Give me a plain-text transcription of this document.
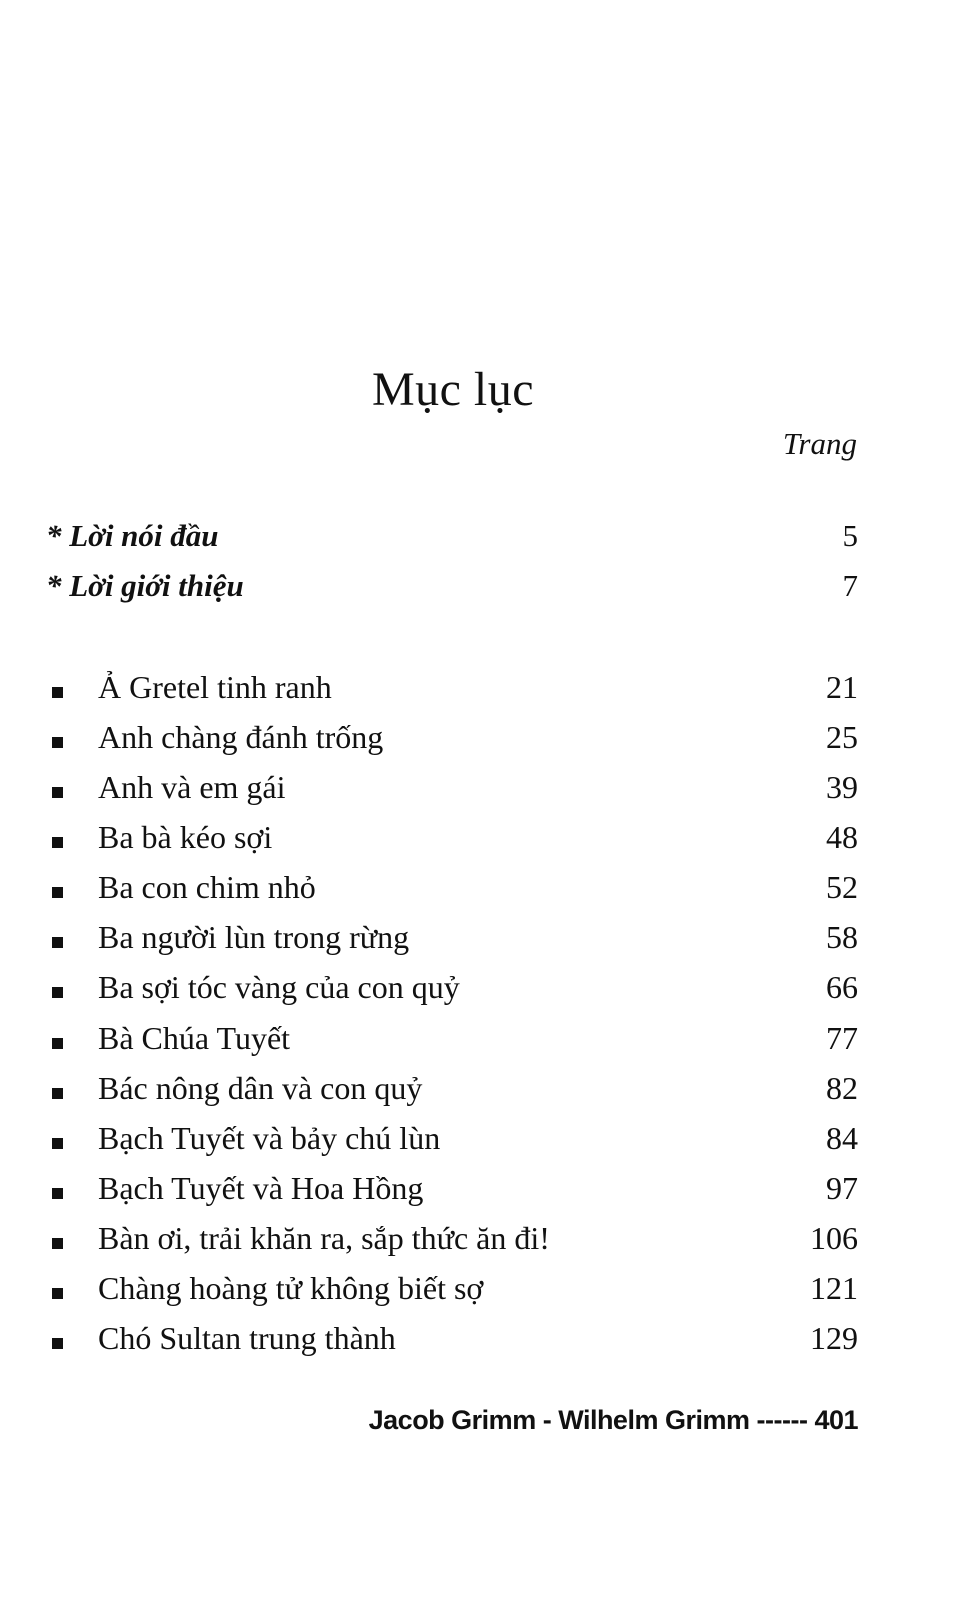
Mục lục
Trang
* Lời nói đầu	5
* Lời giới thiệu	7
Ả Gretel tinh ranh	21
Anh chàng đánh trống	25
Anh và em gái	39
Ba bà kéo sợi	48
Ba con chim nhỏ	52
Ba người lùn trong rừng	58
Ba sợi tóc vàng của con quỷ	66
Bà Chúa Tuyết	77
Bác nông dân và con quỷ	82
Bạch Tuyết và bảy chú lùn	84
Bạch Tuyết và Hoa Hồng	97
Bàn ơi, trải khăn ra, sắp thức ăn đi!	106
Chàng hoàng tử không biết sợ	121
Chó Sultan trung thành	129
Jacob Grimm - Wilhelm Grimm ------ 401
